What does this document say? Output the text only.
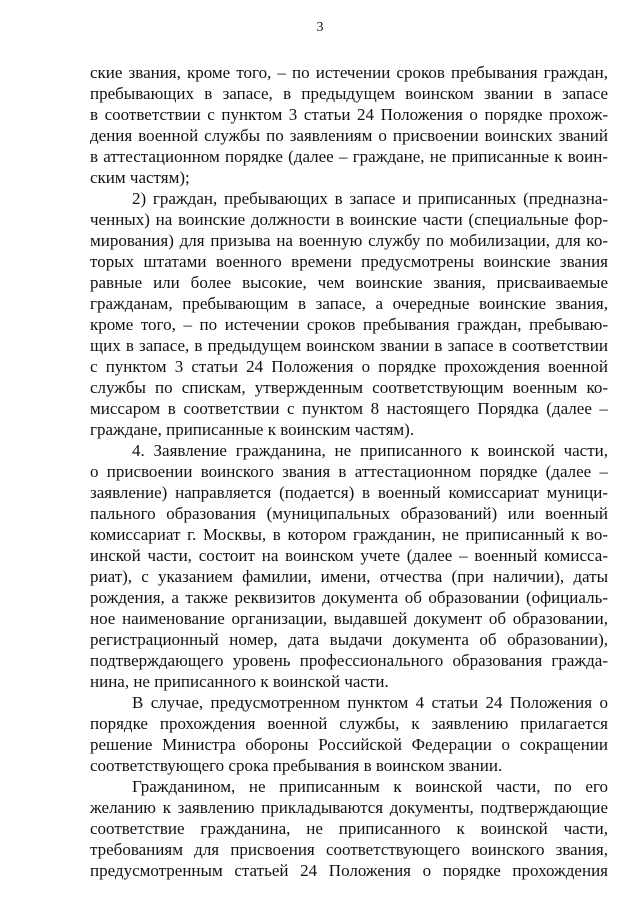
3
ские звания, кроме того, – по истечении сроков пребывания граждан,
пребывающих в запасе, в предыдущем воинском звании в запасе
в соответствии с пунктом 3 статьи 24 Положения о порядке прохож-
дения военной службы по заявлениям о присвоении воинских званий
в аттестационном порядке (далее – граждане, не приписанные к воин-
ским частям);
2) граждан, пребывающих в запасе и приписанных (предназна-
ченных) на воинские должности в воинские части (специальные фор-
мирования) для призыва на военную службу по мобилизации, для ко-
торых штатами военного времени предусмотрены воинские звания
равные или более высокие, чем воинские звания, присваиваемые
гражданам, пребывающим в запасе, а очередные воинские звания,
кроме того, – по истечении сроков пребывания граждан, пребываю-
щих в запасе, в предыдущем воинском звании в запасе в соответствии
с пунктом 3 статьи 24 Положения о порядке прохождения военной
службы по спискам, утвержденным соответствующим военным ко-
миссаром в соответствии с пунктом 8 настоящего Порядка (далее –
граждане, приписанные к воинским частям).
4. Заявление гражданина, не приписанного к воинской части,
о присвоении воинского звания в аттестационном порядке (далее –
заявление) направляется (подается) в военный комиссариат муници-
пального образования (муниципальных образований) или военный
комиссариат г. Москвы, в котором гражданин, не приписанный к во-
инской части, состоит на воинском учете (далее – военный комисса-
риат), с указанием фамилии, имени, отчества (при наличии), даты
рождения, а также реквизитов документа об образовании (официаль-
ное наименование организации, выдавшей документ об образовании,
регистрационный номер, дата выдачи документа об образовании),
подтверждающего уровень профессионального образования гражда-
нина, не приписанного к воинской части.
В случае, предусмотренном пунктом 4 статьи 24 Положения о
порядке прохождения военной службы, к заявлению прилагается
решение Министра обороны Российской Федерации о сокращении
соответствующего срока пребывания в воинском звании.
Гражданином, не приписанным к воинской части, по его
желанию к заявлению прикладываются документы, подтверждающие
соответствие гражданина, не приписанного к воинской части,
требованиям для присвоения соответствующего воинского звания,
предусмотренным статьей 24 Положения о порядке прохождения
